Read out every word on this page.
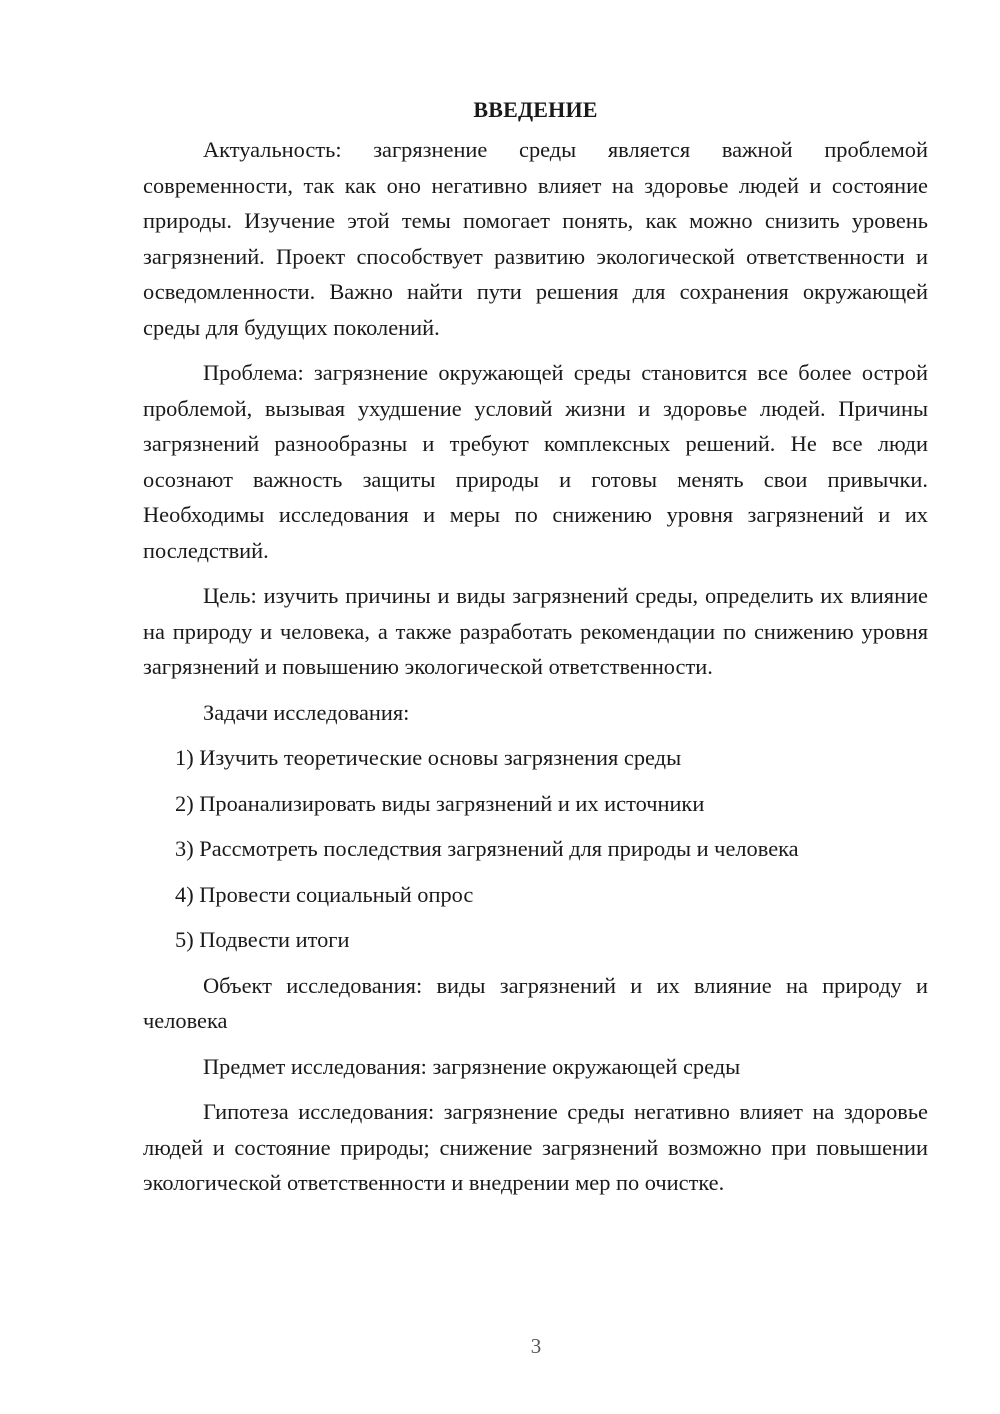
ВВЕДЕНИЕ

Актуальность: загрязнение среды является важной проблемой современности, так как оно негативно влияет на здоровье людей и состояние природы. Изучение этой темы помогает понять, как можно снизить уровень загрязнений. Проект способствует развитию экологической ответственности и осведомленности. Важно найти пути решения для сохранения окружающей среды для будущих поколений.

Проблема: загрязнение окружающей среды становится все более острой проблемой, вызывая ухудшение условий жизни и здоровье людей. Причины загрязнений разнообразны и требуют комплексных решений. Не все люди осознают важность защиты природы и готовы менять свои привычки. Необходимы исследования и меры по снижению уровня загрязнений и их последствий.

Цель: изучить причины и виды загрязнений среды, определить их влияние на природу и человека, а также разработать рекомендации по снижению уровня загрязнений и повышению экологической ответственности.

Задачи исследования:

1) Изучить теоретические основы загрязнения среды
2) Проанализировать виды загрязнений и их источники
3) Рассмотреть последствия загрязнений для природы и человека
4) Провести социальный опрос
5) Подвести итоги

Объект исследования: виды загрязнений и их влияние на природу и человека

Предмет исследования: загрязнение окружающей среды

Гипотеза исследования: загрязнение среды негативно влияет на здоровье людей и состояние природы; снижение загрязнений возможно при повышении экологической ответственности и внедрении мер по очистке.

3
